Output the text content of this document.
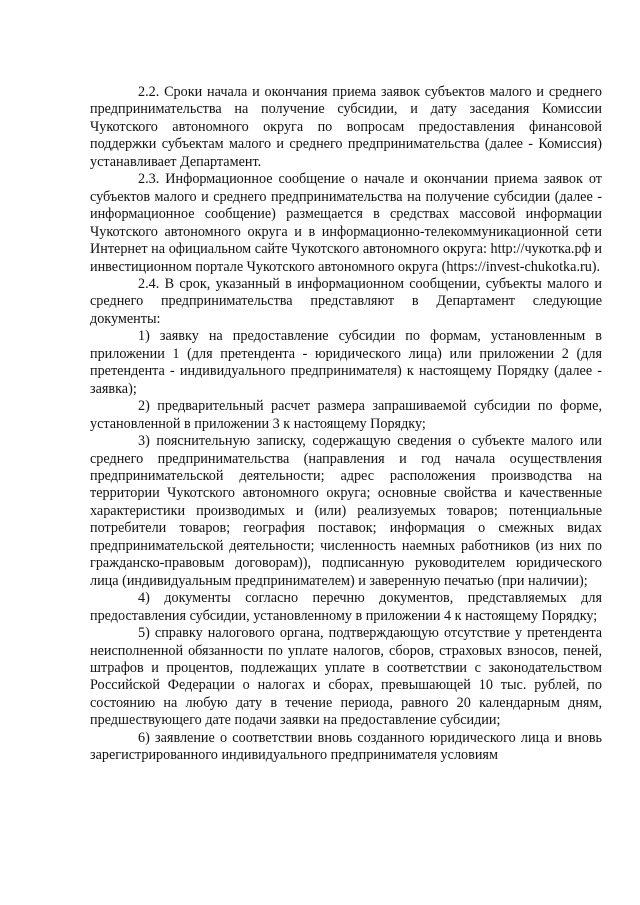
2.2. Сроки начала и окончания приема заявок субъектов малого и среднего предпринимательства на получение субсидии, и дату заседания Комиссии Чукотского автономного округа по вопросам предоставления финансовой поддержки субъектам малого и среднего предпринимательства (далее - Комиссия) устанавливает Департамент.

2.3. Информационное сообщение о начале и окончании приема заявок от субъектов малого и среднего предпринимательства на получение субсидии (далее - информационное сообщение) размещается в средствах массовой информации Чукотского автономного округа и в информационно-телекоммуникационной сети Интернет на официальном сайте Чукотского автономного округа: http://чукотка.рф и инвестиционном портале Чукотского автономного округа (https://invest-chukotka.ru).

2.4. В срок, указанный в информационном сообщении, субъекты малого и среднего предпринимательства представляют в Департамент следующие документы:

1) заявку на предоставление субсидии по формам, установленным в приложении 1 (для претендента - юридического лица) или приложении 2 (для претендента - индивидуального предпринимателя) к настоящему Порядку (далее - заявка);

2) предварительный расчет размера запрашиваемой субсидии по форме, установленной в приложении 3 к настоящему Порядку;

3) пояснительную записку, содержащую сведения о субъекте малого или среднего предпринимательства (направления и год начала осуществления предпринимательской деятельности; адрес расположения производства на территории Чукотского автономного округа; основные свойства и качественные характеристики производимых и (или) реализуемых товаров; потенциальные потребители товаров; география поставок; информация о смежных видах предпринимательской деятельности; численность наемных работников (из них по гражданско-правовым договорам)), подписанную руководителем юридического лица (индивидуальным предпринимателем) и заверенную печатью (при наличии);

4) документы согласно перечню документов, представляемых для предоставления субсидии, установленному в приложении 4 к настоящему Порядку;

5) справку налогового органа, подтверждающую отсутствие у претендента неисполненной обязанности по уплате налогов, сборов, страховых взносов, пеней, штрафов и процентов, подлежащих уплате в соответствии с законодательством Российской Федерации о налогах и сборах, превышающей 10 тыс. рублей, по состоянию на любую дату в течение периода, равного 20 календарным дням, предшествующего дате подачи заявки на предоставление субсидии;

6) заявление о соответствии вновь созданного юридического лица и вновь зарегистрированного индивидуального предпринимателя условиям
